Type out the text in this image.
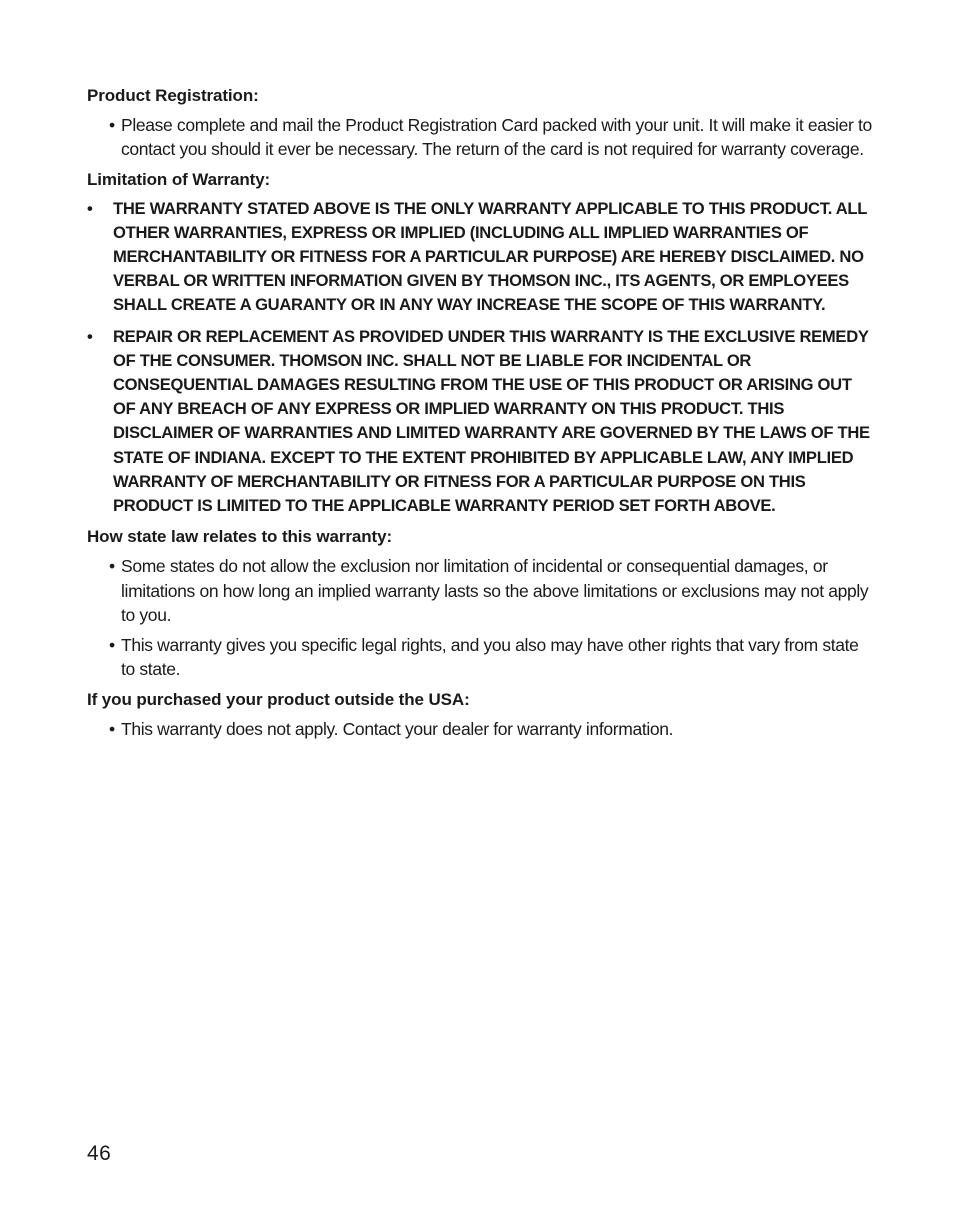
Product Registration:
• Please complete and mail the Product Registration Card packed with your unit. It will make it easier to contact you should it ever be necessary. The return of the card is not required for warranty coverage.
Limitation of Warranty:
• THE WARRANTY STATED ABOVE IS THE ONLY WARRANTY APPLICABLE TO THIS PRODUCT. ALL OTHER WARRANTIES, EXPRESS OR IMPLIED (INCLUDING ALL IMPLIED WARRANTIES OF MERCHANTABILITY OR FITNESS FOR A PARTICULAR PURPOSE) ARE HEREBY DISCLAIMED. NO VERBAL OR WRITTEN INFORMATION GIVEN BY THOMSON INC., ITS AGENTS, OR EMPLOYEES SHALL CREATE A GUARANTY OR IN ANY WAY INCREASE THE SCOPE OF THIS WARRANTY.
• REPAIR OR REPLACEMENT AS PROVIDED UNDER THIS WARRANTY IS THE EXCLUSIVE REMEDY OF THE CONSUMER. THOMSON INC. SHALL NOT BE LIABLE FOR INCIDENTAL OR CONSEQUENTIAL DAMAGES RESULTING FROM THE USE OF THIS PRODUCT OR ARISING OUT OF ANY BREACH OF ANY EXPRESS OR IMPLIED WARRANTY ON THIS PRODUCT. THIS DISCLAIMER OF WARRANTIES AND LIMITED WARRANTY ARE GOVERNED BY THE LAWS OF THE STATE OF INDIANA. EXCEPT TO THE EXTENT PROHIBITED BY APPLICABLE LAW, ANY IMPLIED WARRANTY OF MERCHANTABILITY OR FITNESS FOR A PARTICULAR PURPOSE ON THIS PRODUCT IS LIMITED TO THE APPLICABLE WARRANTY PERIOD SET FORTH ABOVE.
How state law relates to this warranty:
• Some states do not allow the exclusion nor limitation of incidental or consequential damages, or limitations on how long an implied warranty lasts so the above limitations or exclusions may not apply to you.
• This warranty gives you specific legal rights, and you also may have other rights that vary from state to state.
If you purchased your product outside the USA:
• This warranty does not apply. Contact your dealer for warranty information.
46
